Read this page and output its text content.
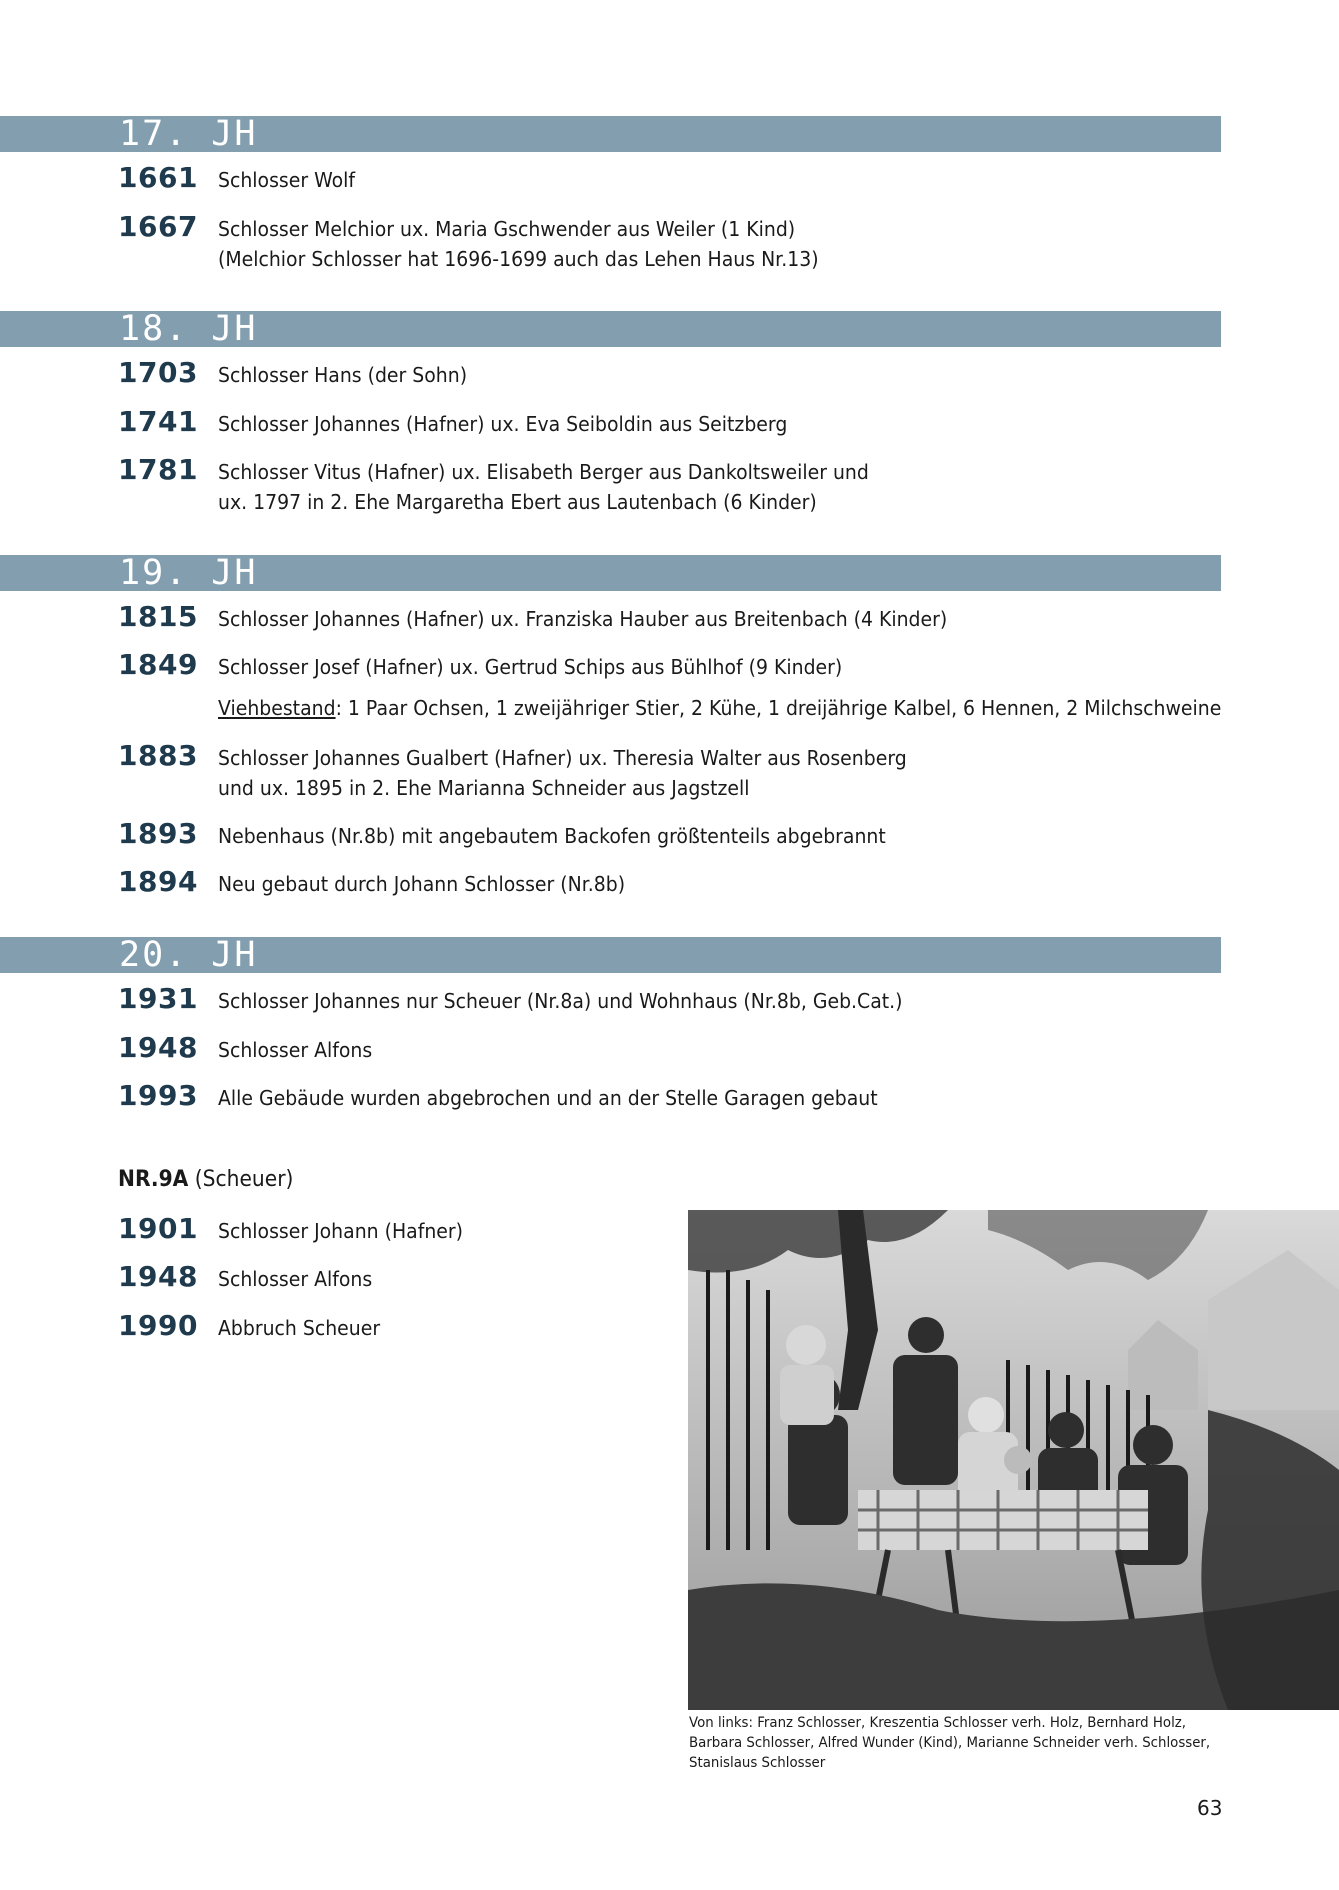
17. JH
1661 Schlosser Wolf
1667 Schlosser Melchior ux. Maria Gschwender aus Weiler (1 Kind)
(Melchior Schlosser hat 1696-1699 auch das Lehen Haus Nr.13)
18. JH
1703 Schlosser Hans (der Sohn)
1741 Schlosser Johannes (Hafner) ux. Eva Seiboldin aus Seitzberg
1781 Schlosser Vitus (Hafner) ux. Elisabeth Berger aus Dankoltsweiler und
ux. 1797 in 2. Ehe Margaretha Ebert aus Lautenbach (6 Kinder)
19. JH
1815 Schlosser Johannes (Hafner) ux. Franziska Hauber aus Breitenbach (4 Kinder)
1849 Schlosser Josef (Hafner) ux. Gertrud Schips aus Bühlhof (9 Kinder)
Viehbestand: 1 Paar Ochsen, 1 zweijähriger Stier, 2 Kühe, 1 dreijährige Kalbel, 6 Hennen, 2 Milchschweine
1883 Schlosser Johannes Gualbert (Hafner) ux. Theresia Walter aus Rosenberg
und ux. 1895 in 2. Ehe Marianna Schneider aus Jagstzell
1893 Nebenhaus (Nr.8b) mit angebautem Backofen größtenteils abgebrannt
1894 Neu gebaut durch Johann Schlosser (Nr.8b)
20. JH
1931 Schlosser Johannes nur Scheuer (Nr.8a) und Wohnhaus (Nr.8b, Geb.Cat.)
1948 Schlosser Alfons
1993 Alle Gebäude wurden abgebrochen und an der Stelle Garagen gebaut
NR.9A (Scheuer)
1901 Schlosser Johann (Hafner)
1948 Schlosser Alfons
1990 Abbruch Scheuer
Von links: Franz Schlosser, Kreszentia Schlosser verh. Holz, Bernhard Holz,
Barbara Schlosser, Alfred Wunder (Kind), Marianne Schneider verh. Schlosser,
Stanislaus Schlosser
63
